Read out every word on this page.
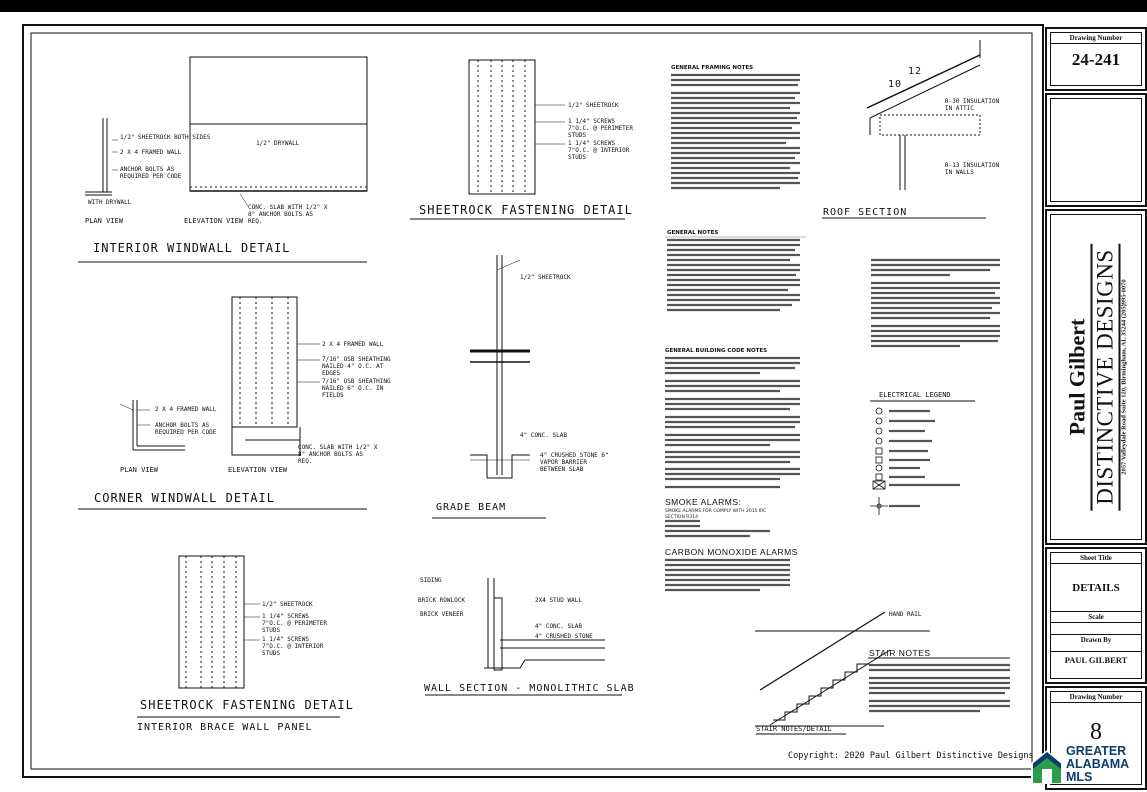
INTERIOR WINDWALL DETAIL
PLAN VIEW	ELEVATION VIEW
1/2" SHEETROCK BOTH SIDES
2 X 4 FRAMED WALL
ANCHOR BOLTS AS REQUIRED PER CODE
1/2" DRYWALL
WITH DRYWALL
CONC. SLAB WITH 1/2" X 8" ANCHOR BOLTS AS REQ.
SHEETROCK FASTENING DETAIL
1/2" SHEETROCK
1 1/4" SCREWS 7"O.C. @ PERIMETER STUDS
1 1/4" SCREWS 7"O.C. @ INTERIOR STUDS
CORNER WINDWALL DETAIL
PLAN VIEW	ELEVATION VIEW
2 X 4 FRAMED WALL
ANCHOR BOLTS AS REQUIRED PER CODE
2 X 4 FRAMED WALL
7/16" OSB SHEATHING NAILED 4" O.C. AT EDGES
7/16" OSB SHEATHING NAILED 6" O.C. IN FIELDS
CONC. SLAB WITH 1/2" X 8" ANCHOR BOLTS AS REQ.
GRADE BEAM
1/2" SHEETROCK
4" CRUSHED STONE 6" VAPOR BARRIER BETWEEN SLAB
4" CONC. SLAB
ROOF SECTION
12
10
R-30 INSULATION IN ATTIC
R-13 INSULATION IN WALLS
SIDING
BRICK ROWLOCK
BRICK VENEER
2X4 STUD WALL
4" CONC. SLAB
4" CRUSHED STONE
WALL SECTION - MONOLITHIC SLAB
SHEETROCK FASTENING DETAIL
INTERIOR BRACE WALL PANEL
1/2" SHEETROCK
1 1/4" SCREWS 7"O.C. @ PERIMETER STUDS
1 1/4" SCREWS 7"O.C. @ INTERIOR STUDS
HAND RAIL
STAIR NOTES/DETAIL
STAIR NOTES
ELECTRICAL LEGEND
GENERAL FRAMING NOTES
GENERAL NOTES
GENERAL BUILDING CODE NOTES
SMOKE ALARMS:
SMOKE ALARMS FOR COMPLY WITH 2015 IRC
SECTION R314
CARBON MONOXIDE ALARMS
Copyright: 2020 Paul Gilbert Distinctive Designs
Drawing Number
24-241
Paul Gilbert DISTINCTIVE DESIGNS 2057 Valleydale Road Suite 120, Birmingham, AL 35244 (205)995-0070
Sheet Title
DETAILS
Scale
Drawn By
PAUL GILBERT
Drawing Number
8
GREATER
ALABAMA
MLS
